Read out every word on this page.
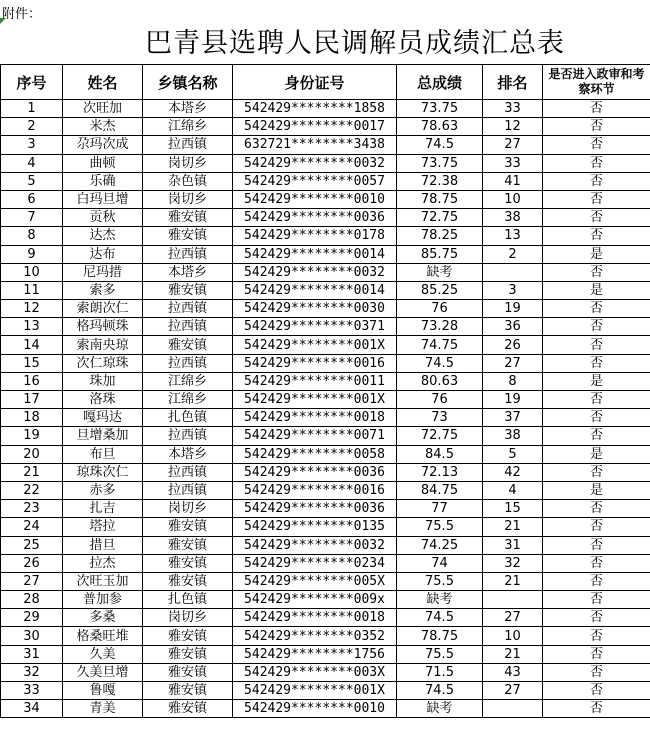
附件：
巴青县选聘人民调解员成绩汇总表
序号	姓名	乡镇名称	身份证号	总成绩	排名	是否进入政审和考察环节
1	次旺加	本塔乡	542429********1858	73.75	33	否
2	米杰	江绵乡	542429********0017	78.63	12	否
3	尕玛次成	拉西镇	632721********3438	74.5	27	否
4	曲顿	岗切乡	542429********0032	73.75	33	否
5	乐确	杂色镇	542429********0057	72.38	41	否
6	白玛旦增	岗切乡	542429********0010	78.75	10	否
7	贡秋	雅安镇	542429********0036	72.75	38	否
8	达杰	雅安镇	542429********0178	78.25	13	否
9	达布	拉西镇	542429********0014	85.75	2	是
10	尼玛措	本塔乡	542429********0032	缺考		否
11	索多	雅安镇	542429********0014	85.25	3	是
12	索朗次仁	拉西镇	542429********0030	76	19	否
13	格玛顿珠	拉西镇	542429********0371	73.28	36	否
14	索南央琼	雅安镇	542429********001X	74.75	26	否
15	次仁琼珠	拉西镇	542429********0016	74.5	27	否
16	珠加	江绵乡	542429********0011	80.63	8	是
17	洛珠	江绵乡	542429********001X	76	19	否
18	嘎玛达	扎色镇	542429********0018	73	37	否
19	旦增桑加	拉西镇	542429********0071	72.75	38	否
20	布旦	本塔乡	542429********0058	84.5	5	是
21	琼珠次仁	拉西镇	542429********0036	72.13	42	否
22	赤多	拉西镇	542429********0016	84.75	4	是
23	扎吉	岗切乡	542429********0036	77	15	否
24	塔拉	雅安镇	542429********0135	75.5	21	否
25	措旦	雅安镇	542429********0032	74.25	31	否
26	拉杰	雅安镇	542429********0234	74	32	否
27	次旺玉加	雅安镇	542429********005X	75.5	21	否
28	普加参	扎色镇	542429********009x	缺考		否
29	多桑	岗切乡	542429********0018	74.5	27	否
30	格桑旺堆	雅安镇	542429********0352	78.75	10	否
31	久美	雅安镇	542429********1756	75.5	21	否
32	久美旦增	雅安镇	542429********003X	71.5	43	否
33	鲁嘎	雅安镇	542429********001X	74.5	27	否
34	青美	雅安镇	542429********0010	缺考		否
